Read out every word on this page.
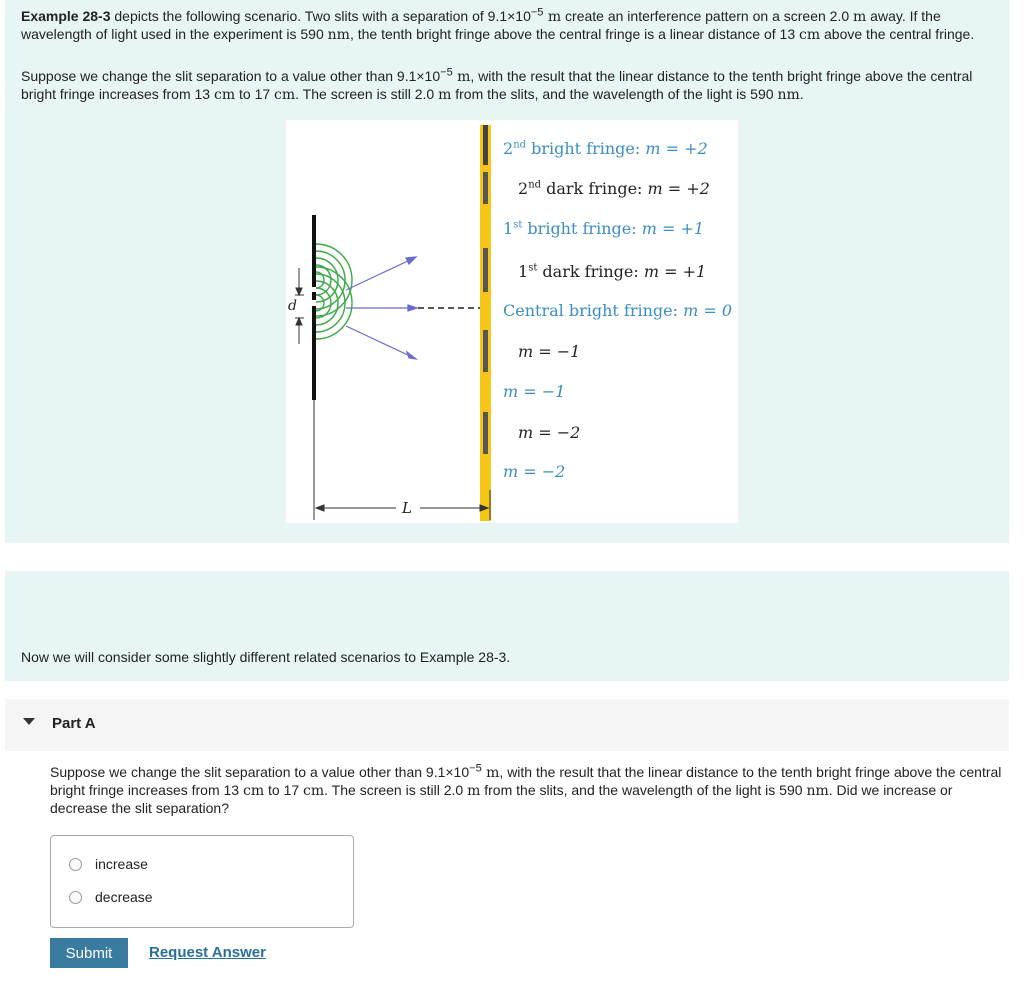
Example 28-3 depicts the following scenario. Two slits with a separation of $9.1\times 10^{-5}$ m create an interference pattern on a screen 2.0 m away. If the wavelength of light used in the experiment is 590 nm, the tenth bright fringe above the central fringe is a linear distance of 13 cm above the central fringe.

Suppose we change the slit separation to a value other than $9.1\times 10^{-5}$ m, with the result that the linear distance to the tenth bright fringe above the central bright fringe increases from 13 cm to 17 cm. The screen is still 2.0 m from the slits, and the wavelength of the light is 590 nm.

d
L
2nd bright fringe: m = +2
2nd dark fringe: m = +2
1st bright fringe: m = +1
1st dark fringe: m = +1
Central bright fringe: m = 0
m = −1
m = −1
m = −2
m = −2

Now we will consider some slightly different related scenarios to Example 28-3.

Part A

Suppose we change the slit separation to a value other than $9.1\times 10^{-5}$ m, with the result that the linear distance to the tenth bright fringe above the central bright fringe increases from 13 cm to 17 cm. The screen is still 2.0 m from the slits, and the wavelength of the light is 590 nm. Did we increase or decrease the slit separation?

increase
decrease
Submit	Request Answer
